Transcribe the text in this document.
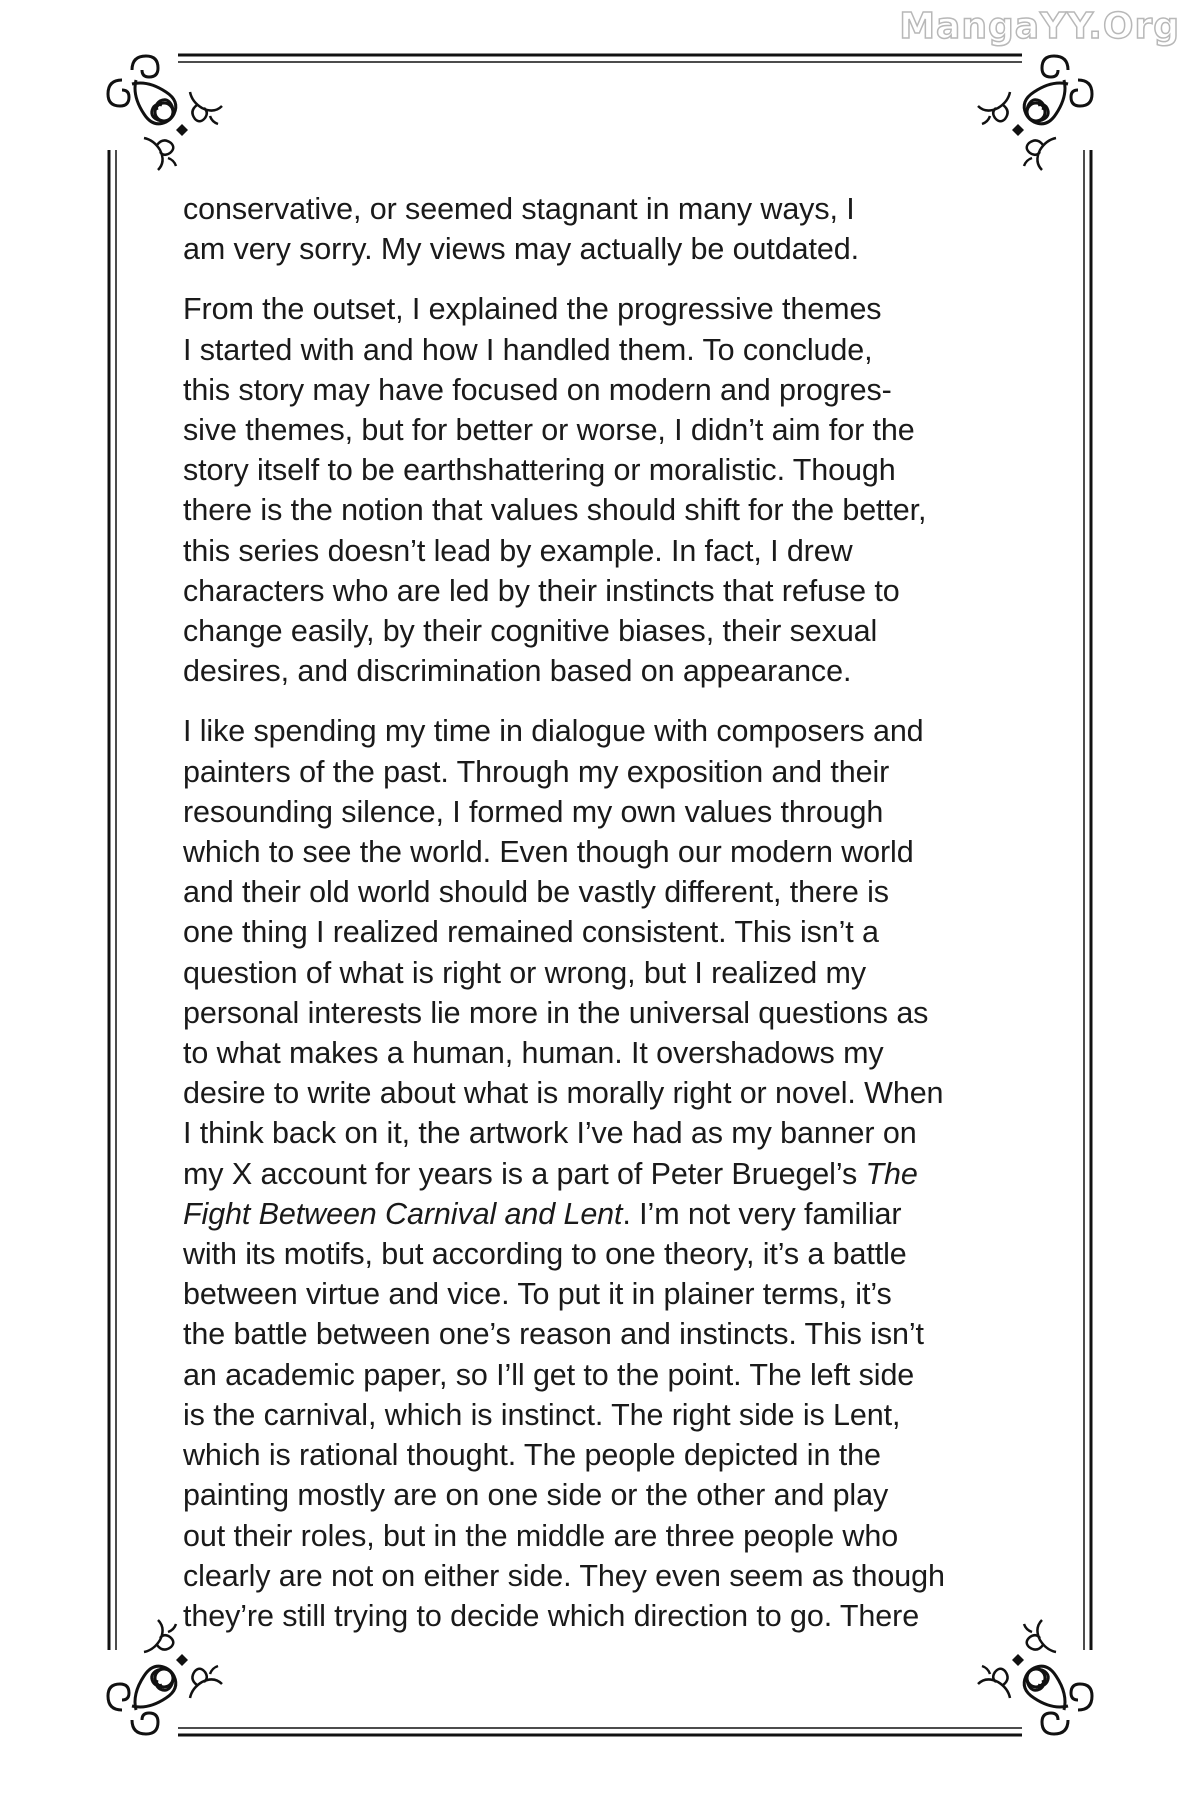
MangaYY.Org

conservative, or seemed stagnant in many ways, I
am very sorry. My views may actually be outdated.

From the outset, I explained the progressive themes
I started with and how I handled them. To conclude,
this story may have focused on modern and progres-
sive themes, but for better or worse, I didn’t aim for the
story itself to be earthshattering or moralistic. Though
there is the notion that values should shift for the better,
this series doesn’t lead by example. In fact, I drew
characters who are led by their instincts that refuse to
change easily, by their cognitive biases, their sexual
desires, and discrimination based on appearance.

I like spending my time in dialogue with composers and
painters of the past. Through my exposition and their
resounding silence, I formed my own values through
which to see the world. Even though our modern world
and their old world should be vastly different, there is
one thing I realized remained consistent. This isn’t a
question of what is right or wrong, but I realized my
personal interests lie more in the universal questions as
to what makes a human, human. It overshadows my
desire to write about what is morally right or novel. When
I think back on it, the artwork I’ve had as my banner on
my X account for years is a part of Peter Bruegel’s The
Fight Between Carnival and Lent. I’m not very familiar
with its motifs, but according to one theory, it’s a battle
between virtue and vice. To put it in plainer terms, it’s
the battle between one’s reason and instincts. This isn’t
an academic paper, so I’ll get to the point. The left side
is the carnival, which is instinct. The right side is Lent,
which is rational thought. The people depicted in the
painting mostly are on one side or the other and play
out their roles, but in the middle are three people who
clearly are not on either side. They even seem as though
they’re still trying to decide which direction to go. There
